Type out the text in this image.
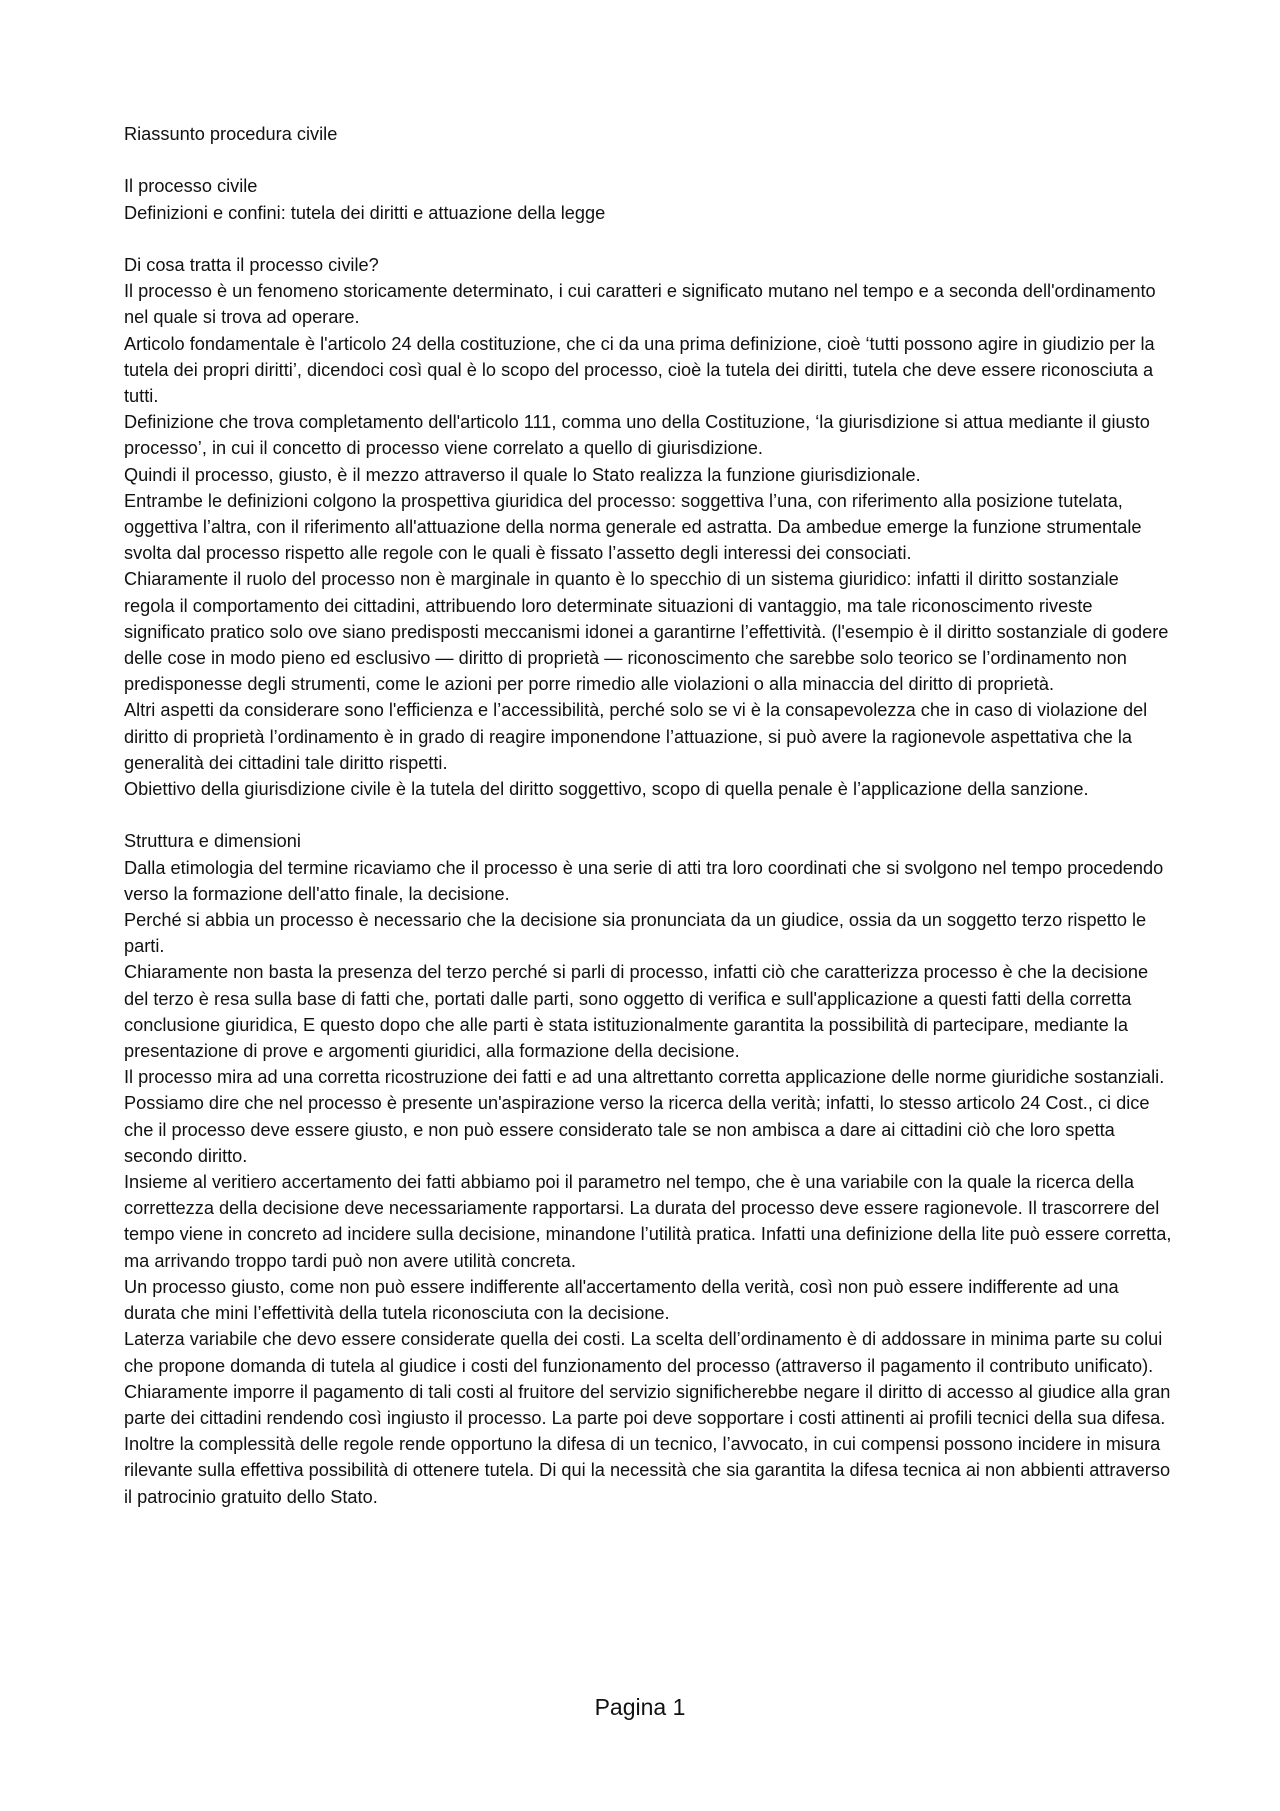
Riassunto procedura civile
Il processo civile
Definizioni e confini: tutela dei diritti e attuazione della legge
Di cosa tratta il processo civile?
Il processo è un fenomeno storicamente determinato, i cui caratteri e significato mutano nel tempo e a seconda dell'ordinamento nel quale si trova ad operare.
Articolo fondamentale è l'articolo 24 della costituzione, che ci da una prima definizione, cioè ‘tutti possono agire in giudizio per la tutela dei propri diritti’, dicendoci così qual è lo scopo del processo, cioè la tutela dei diritti, tutela che deve essere riconosciuta a tutti.
Definizione che trova completamento dell'articolo 111, comma uno della Costituzione, ‘la giurisdizione si attua mediante il giusto processo’, in cui il concetto di processo viene correlato a quello di giurisdizione.
Quindi il processo, giusto, è il mezzo attraverso il quale lo Stato realizza la funzione giurisdizionale.
Entrambe le definizioni colgono la prospettiva giuridica del processo: soggettiva l’una, con riferimento alla posizione tutelata, oggettiva l’altra, con il riferimento all'attuazione della norma generale ed astratta. Da ambedue emerge la funzione strumentale svolta dal processo rispetto alle regole con le quali è fissato l’assetto degli interessi dei consociati.
Chiaramente il ruolo del processo non è marginale in quanto è lo specchio di un sistema giuridico: infatti il diritto sostanziale regola il comportamento dei cittadini, attribuendo loro determinate situazioni di vantaggio, ma tale riconoscimento riveste significato pratico solo ove siano predisposti meccanismi idonei a garantirne l’effettività. (l'esempio è il diritto sostanziale di godere delle cose in modo pieno ed esclusivo — diritto di proprietà — riconoscimento che sarebbe solo teorico se l’ordinamento non predisponesse degli strumenti, come le azioni per porre rimedio alle violazioni o alla minaccia del diritto di proprietà.
Altri aspetti da considerare sono l'efficienza e l’accessibilità, perché solo se vi è la consapevolezza che in caso di violazione del diritto di proprietà l’ordinamento è in grado di reagire imponendone l’attuazione, si può avere la ragionevole aspettativa che la generalità dei cittadini tale diritto rispetti.
Obiettivo della giurisdizione civile è la tutela del diritto soggettivo, scopo di quella penale è l’applicazione della sanzione.
Struttura e dimensioni
Dalla etimologia del termine ricaviamo che il processo è una serie di atti tra loro coordinati che si svolgono nel tempo procedendo verso la formazione dell'atto finale, la decisione.
Perché si abbia un processo è necessario che la decisione sia pronunciata da un giudice, ossia da un soggetto terzo rispetto le parti.
Chiaramente non basta la presenza del terzo perché si parli di processo, infatti ciò che caratterizza processo è che la decisione del terzo è resa sulla base di fatti che, portati dalle parti, sono oggetto di verifica e sull'applicazione a questi fatti della corretta conclusione giuridica, E questo dopo che alle parti è stata istituzionalmente garantita la possibilità di partecipare, mediante la presentazione di prove e argomenti giuridici, alla formazione della decisione.
Il processo mira ad una corretta ricostruzione dei fatti e ad una altrettanto corretta applicazione delle norme giuridiche sostanziali. Possiamo dire che nel processo è presente un'aspirazione verso la ricerca della verità; infatti, lo stesso articolo 24 Cost., ci dice che il processo deve essere giusto, e non può essere considerato tale se non ambisca a dare ai cittadini ciò che loro spetta secondo diritto.
Insieme al veritiero accertamento dei fatti abbiamo poi il parametro nel tempo, che è una variabile con la quale la ricerca della correttezza della decisione deve necessariamente rapportarsi. La durata del processo deve essere ragionevole. Il trascorrere del tempo viene in concreto ad incidere sulla decisione, minandone l’utilità pratica. Infatti una definizione della lite può essere corretta, ma arrivando troppo tardi può non avere utilità concreta.
Un processo giusto, come non può essere indifferente all'accertamento della verità, così non può essere indifferente ad una durata che mini l’effettività della tutela riconosciuta con la decisione.
Laterza variabile che devo essere considerate quella dei costi. La scelta dell’ordinamento è di addossare in minima parte su colui che propone domanda di tutela al giudice i costi del funzionamento del processo (attraverso il pagamento il contributo unificato). Chiaramente imporre il pagamento di tali costi al fruitore del servizio significherebbe negare il diritto di accesso al giudice alla gran parte dei cittadini rendendo così ingiusto il processo. La parte poi deve sopportare i costi attinenti ai profili tecnici della sua difesa. Inoltre la complessità delle regole rende opportuno la difesa di un tecnico, l’avvocato, in cui compensi possono incidere in misura rilevante sulla effettiva possibilità di ottenere tutela. Di qui la necessità che sia garantita la difesa tecnica ai non abbienti attraverso il patrocinio gratuito dello Stato.
Pagina 1
